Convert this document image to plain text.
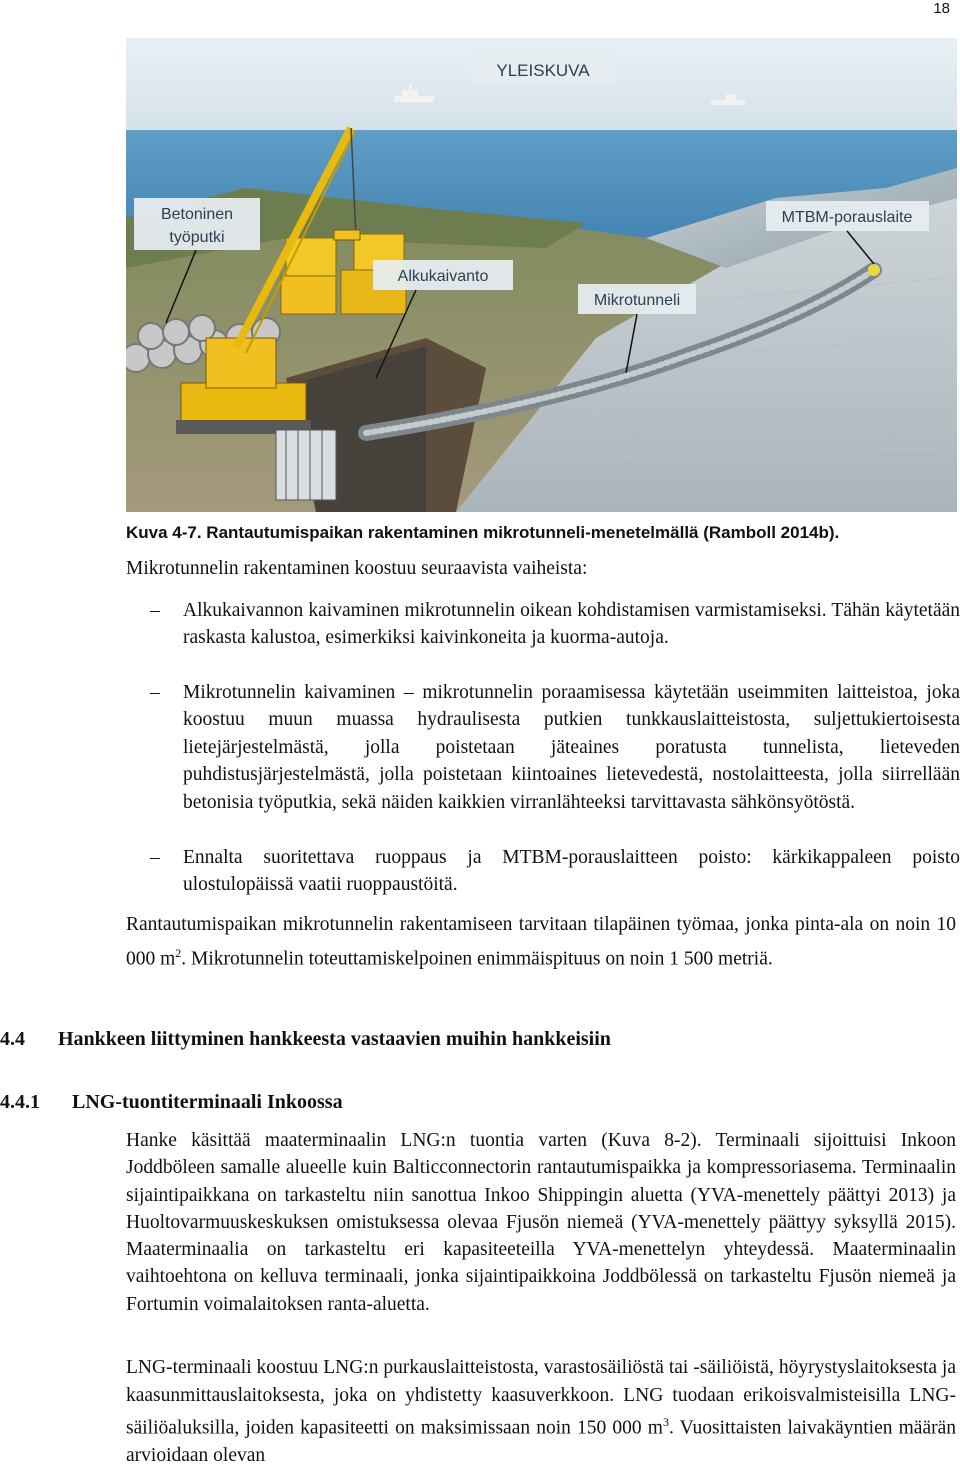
18
YLEISKUVA
Betoninen
työputki
Alkukaivanto
MTBM-porauslaite
Mikrotunneli
Kuva 4-7. Rantautumispaikan rakentaminen mikrotunneli-menetelmällä (Ramboll 2014b).
Mikrotunnelin rakentaminen koostuu seuraavista vaiheista:
– Alkukaivannon kaivaminen mikrotunnelin oikean kohdistamisen varmistamiseksi. Tähän käytetään raskasta kalustoa, esimerkiksi kaivinkoneita ja kuorma-autoja.
– Mikrotunnelin kaivaminen – mikrotunnelin poraamisessa käytetään useimmiten laitteistoa, joka koostuu muun muassa hydraulisesta putkien tunkkauslaitteistosta, suljettukiertoisesta lietejärjestelmästä, jolla poistetaan jäteaines poratusta tunnelista, lieteveden puhdistusjärjestelmästä, jolla poistetaan kiintoaines lietevedestä, nostolaitteesta, jolla siirrellään betonisia työputkia, sekä näiden kaikkien virranlähteeksi tarvittavasta sähkönsyötöstä.
– Ennalta suoritettava ruoppaus ja MTBM-porauslaitteen poisto: kärkikappaleen poisto ulostulopäissä vaatii ruoppaustöitä.
Rantautumispaikan mikrotunnelin rakentamiseen tarvitaan tilapäinen työmaa, jonka pinta-ala on noin 10 000 $m^2$. Mikrotunnelin toteuttamiskelpoinen enimmäispituus on noin 1 500 metriä.
4.4 Hankkeen liittyminen hankkeesta vastaavien muihin hankkeisiin
4.4.1 LNG-tuontiterminaali Inkoossa
Hanke käsittää maaterminaalin LNG:n tuontia varten (Kuva 8-2). Terminaali sijoittuisi Inkoon Joddböleen samalle alueelle kuin Balticconnectorin rantautumispaikka ja kompressoriasema. Terminaalin sijaintipaikkana on tarkasteltu niin sanottua Inkoo Shippingin aluetta (YVA-menettely päättyi 2013) ja Huoltovarmuuskeskuksen omistuksessa olevaa Fjusön niemeä (YVA-menettely päättyy syksyllä 2015). Maaterminaalia on tarkasteltu eri kapasiteeteilla YVA-menettelyn yhteydessä. Maaterminaalin vaihtoehtona on kelluva terminaali, jonka sijaintipaikkoina Joddbölessä on tarkasteltu Fjusön niemeä ja Fortumin voimalaitoksen ranta-aluetta.
LNG-terminaali koostuu LNG:n purkauslaitteistosta, varastosäiliöstä tai -säiliöistä, höyrystyslaitoksesta ja kaasunmittauslaitoksesta, joka on yhdistetty kaasuverkkoon. LNG tuodaan erikoisvalmisteisilla LNG-säiliöaluksilla, joiden kapasiteetti on maksimissaan noin 150 000 $m^3$. Vuosittaisten laivakäyntien määrän arvioidaan olevan
